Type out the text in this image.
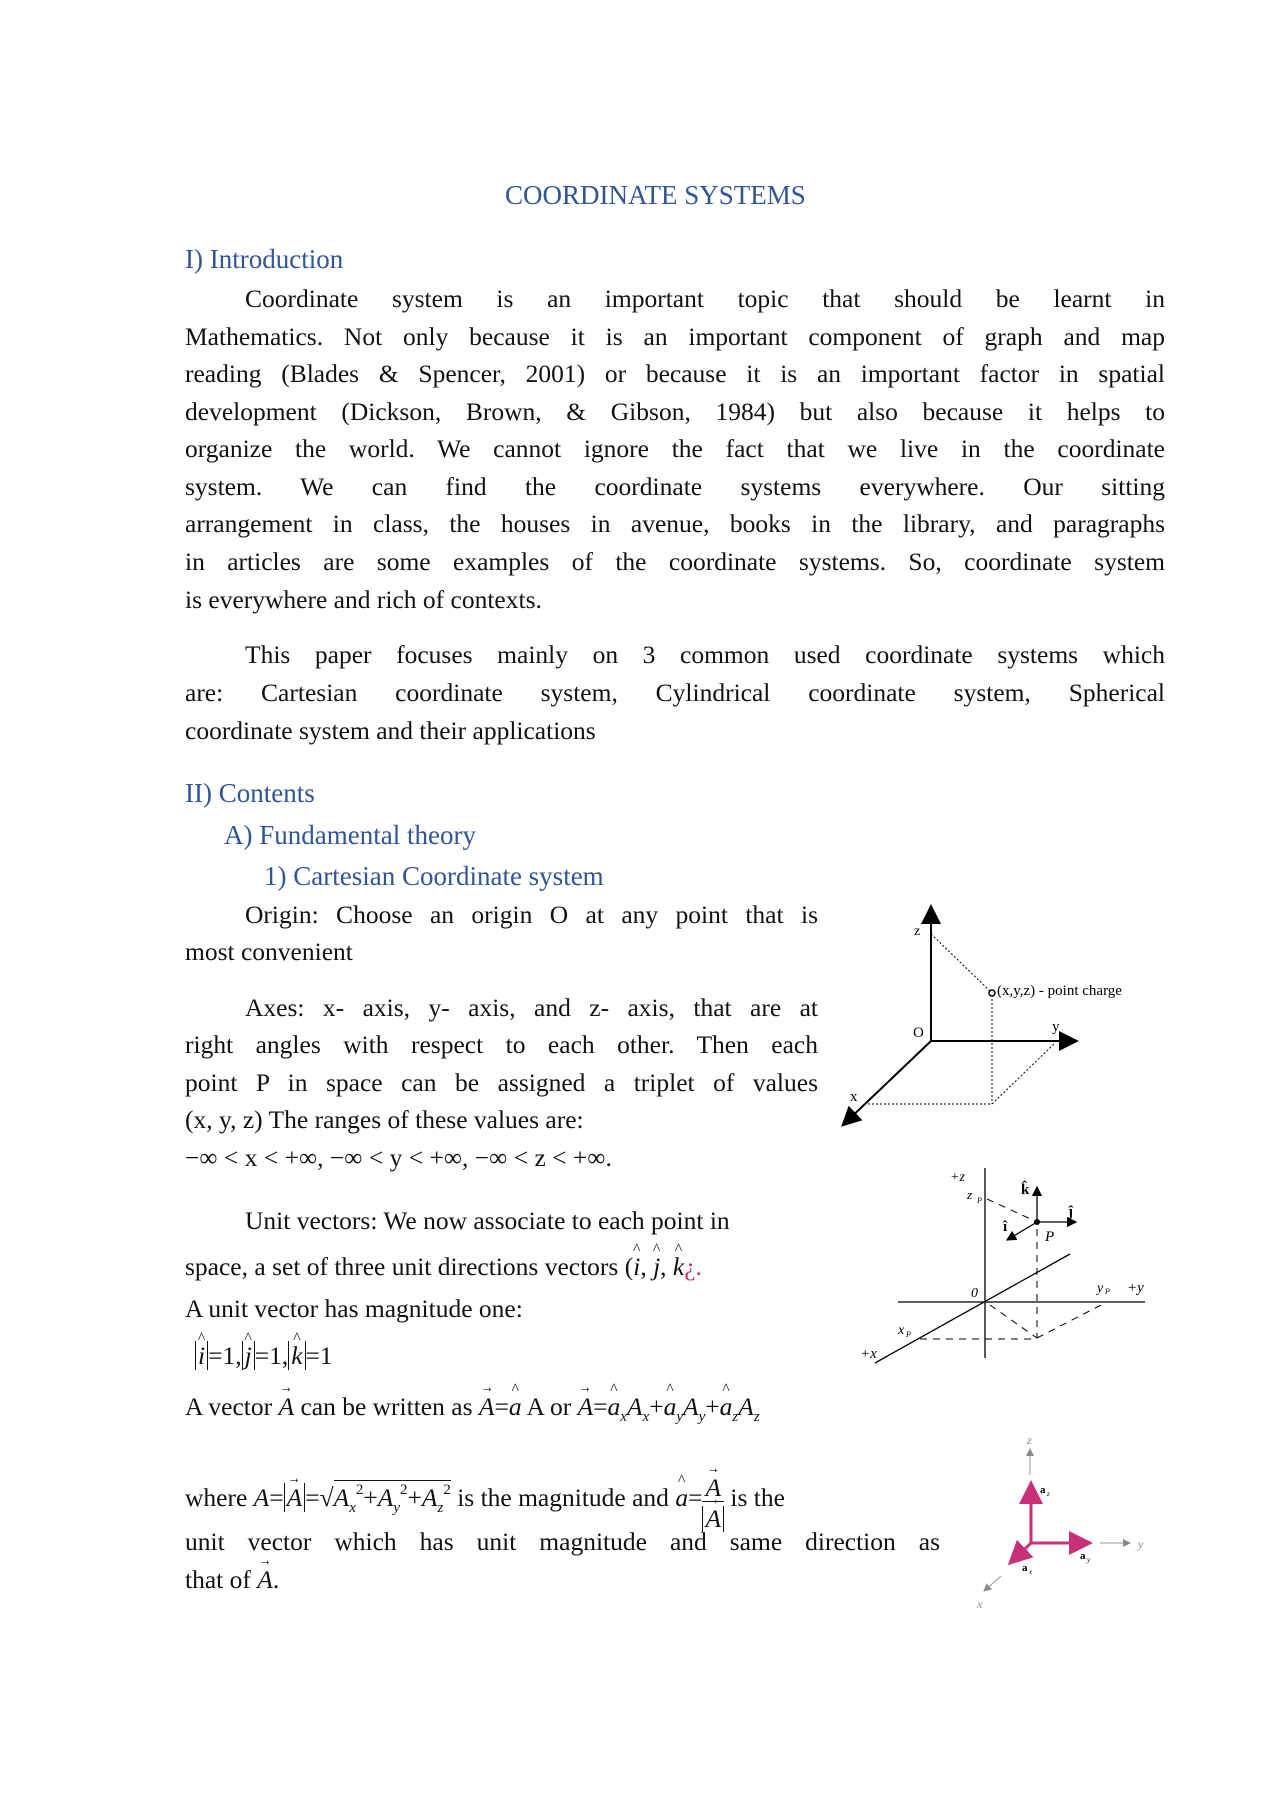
COORDINATE SYSTEMS
I) Introduction
Coordinate system is an important topic that should be learnt in
Mathematics. Not only because it is an important component of graph and map
reading (Blades & Spencer, 2001) or because it is an important factor in spatial
development (Dickson, Brown, & Gibson, 1984) but also because it helps to
organize the world. We cannot ignore the fact that we live in the coordinate
system. We can find the coordinate systems everywhere. Our sitting
arrangement in class, the houses in avenue, books in the library, and paragraphs
in articles are some examples of the coordinate systems. So, coordinate system
is everywhere and rich of contexts.
This paper focuses mainly on 3 common used coordinate systems which
are: Cartesian coordinate system, Cylindrical coordinate system, Spherical
coordinate system and their applications
II) Contents
A) Fundamental theory
1) Cartesian Coordinate system
Origin: Choose an origin O at any point that is
most convenient
Axes: x- axis, y- axis, and z- axis, that are at
right angles with respect to each other. Then each
point P in space can be assigned a triplet of values
(x, y, z) The ranges of these values are:
−∞ < x < +∞, −∞ < y < +∞, −∞ < z < +∞.
Unit vectors: We now associate to each point in
space, a set of three unit directions vectors (^ i, ^ j, ^ k¿.
A unit vector has magnitude one:
^ i =1, ^ j =1, ^ k =1
A vector → A can be written as → A=^ a A or → A=^ $a_xA_x+\^{}$ $a_yA_y+\^{}$ $a_zA_z$
where $A= \to A =√A_x^2+A_y^2+A_z^2$ is the magnitude and ^ a= → A
→ A is the
unit vector which has unit magnitude and same direction as
that of → A.
z
O	y
x
(x,y,z) - point charge
+z
z P
k̂
ĵ
î
P
0	y P +y
x P
+x
z
y
x
a z
a y
a x
